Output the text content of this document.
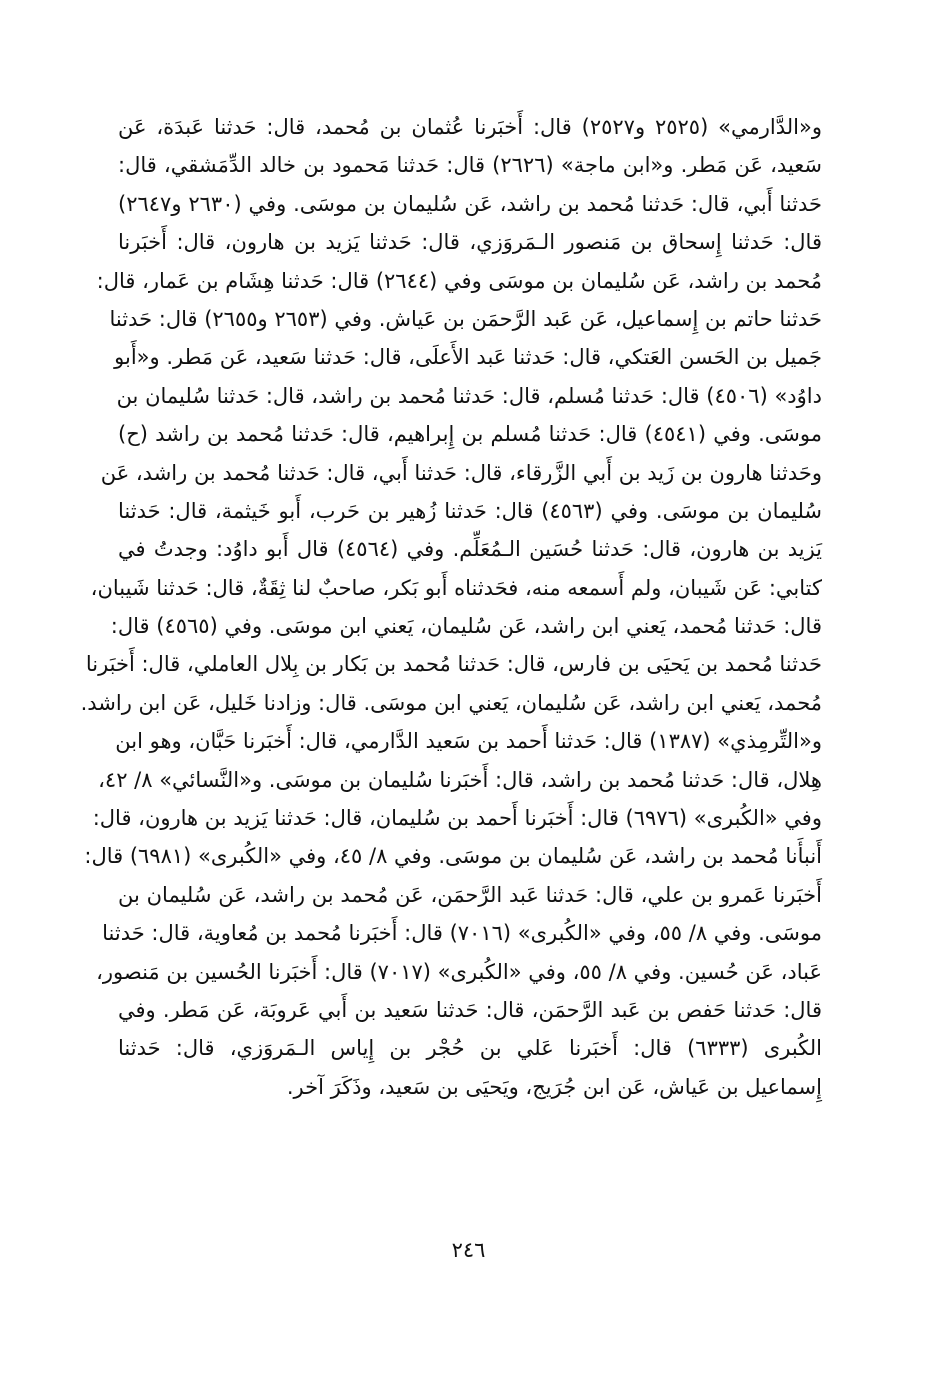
و«الدَّارمي» (٢٥٢٥ و٢٥٢٧) قال: أَخبَرنا عُثمان بن مُحمد، قال: حَدثنا عَبدَة، عَن
سَعيد، عَن مَطر. و«ابن ماجة» (٢٦٢٦) قال: حَدثنا مَحمود بن خالد الدِّمَشقي، قال:
حَدثنا أَبي، قال: حَدثنا مُحمد بن راشد، عَن سُليمان بن موسَى. وفي (٢٦٣٠ و٢٦٤٧)
قال: حَدثنا إِسحاق بن مَنصور الـمَروَزي، قال: حَدثنا يَزيد بن هارون، قال: أَخبَرنا
مُحمد بن راشد، عَن سُليمان بن موسَى وفي (٢٦٤٤) قال: حَدثنا هِشَام بن عَمار، قال:
حَدثنا حاتم بن إِسماعيل، عَن عَبد الرَّحمَن بن عَياش. وفي (٢٦٥٣ و٢٦٥٥) قال: حَدثنا
جَميل بن الحَسن العَتكي، قال: حَدثنا عَبد الأَعلَى، قال: حَدثنا سَعيد، عَن مَطر. و«أَبو
داوُد» (٤٥٠٦) قال: حَدثنا مُسلم، قال: حَدثنا مُحمد بن راشد، قال: حَدثنا سُليمان بن
موسَى. وفي (٤٥٤١) قال: حَدثنا مُسلم بن إِبراهيم، قال: حَدثنا مُحمد بن راشد (ح)
وحَدثنا هارون بن زَيد بن أَبي الزَّرقاء، قال: حَدثنا أَبي، قال: حَدثنا مُحمد بن راشد، عَن
سُليمان بن موسَى. وفي (٤٥٦٣) قال: حَدثنا زُهير بن حَرب، أَبو خَيثمة، قال: حَدثنا
يَزيد بن هارون، قال: حَدثنا حُسَين الـمُعَلِّم. وفي (٤٥٦٤) قال أَبو داوُد: وجدتُ في
كتابي: عَن شَيبان، ولم أَسمعه منه، فحَدثناه أَبو بَكر، صاحبٌ لنا ثِقَةٌ، قال: حَدثنا شَيبان،
قال: حَدثنا مُحمد، يَعني ابن راشد، عَن سُليمان، يَعني ابن موسَى. وفي (٤٥٦٥) قال:
حَدثنا مُحمد بن يَحيَى بن فارس، قال: حَدثنا مُحمد بن بَكار بن بِلال العاملي، قال: أَخبَرنا
مُحمد، يَعني ابن راشد، عَن سُليمان، يَعني ابن موسَى. قال: وزادنا خَليل، عَن ابن راشد.
و«التِّرمِذي» (١٣٨٧) قال: حَدثنا أَحمد بن سَعيد الدَّارمي، قال: أَخبَرنا حَبَّان، وهو ابن
هِلال، قال: حَدثنا مُحمد بن راشد، قال: أَخبَرنا سُليمان بن موسَى. و«النَّسائي» ٨/ ٤٢،
وفي «الكُبرى» (٦٩٧٦) قال: أَخبَرنا أَحمد بن سُليمان، قال: حَدثنا يَزيد بن هارون، قال:
أَنبأَنا مُحمد بن راشد، عَن سُليمان بن موسَى. وفي ٨/ ٤٥، وفي «الكُبرى» (٦٩٨١) قال:
أَخبَرنا عَمرو بن علي، قال: حَدثنا عَبد الرَّحمَن، عَن مُحمد بن راشد، عَن سُليمان بن
موسَى. وفي ٨/ ٥٥، وفي «الكُبرى» (٧٠١٦) قال: أَخبَرنا مُحمد بن مُعاوية، قال: حَدثنا
عَباد، عَن حُسين. وفي ٨/ ٥٥، وفي «الكُبرى» (٧٠١٧) قال: أَخبَرنا الحُسين بن مَنصور،
قال: حَدثنا حَفص بن عَبد الرَّحمَن، قال: حَدثنا سَعيد بن أَبي عَروبَة، عَن مَطر. وفي
الكُبرى (٦٣٣٣) قال: أَخبَرنا عَلي بن حُجْر بن إِياس الـمَروَزي، قال: حَدثنا
إِسماعيل بن عَياش، عَن ابن جُرَيج، ويَحيَى بن سَعيد، وذَكَرَ آخر.
٢٤٦
